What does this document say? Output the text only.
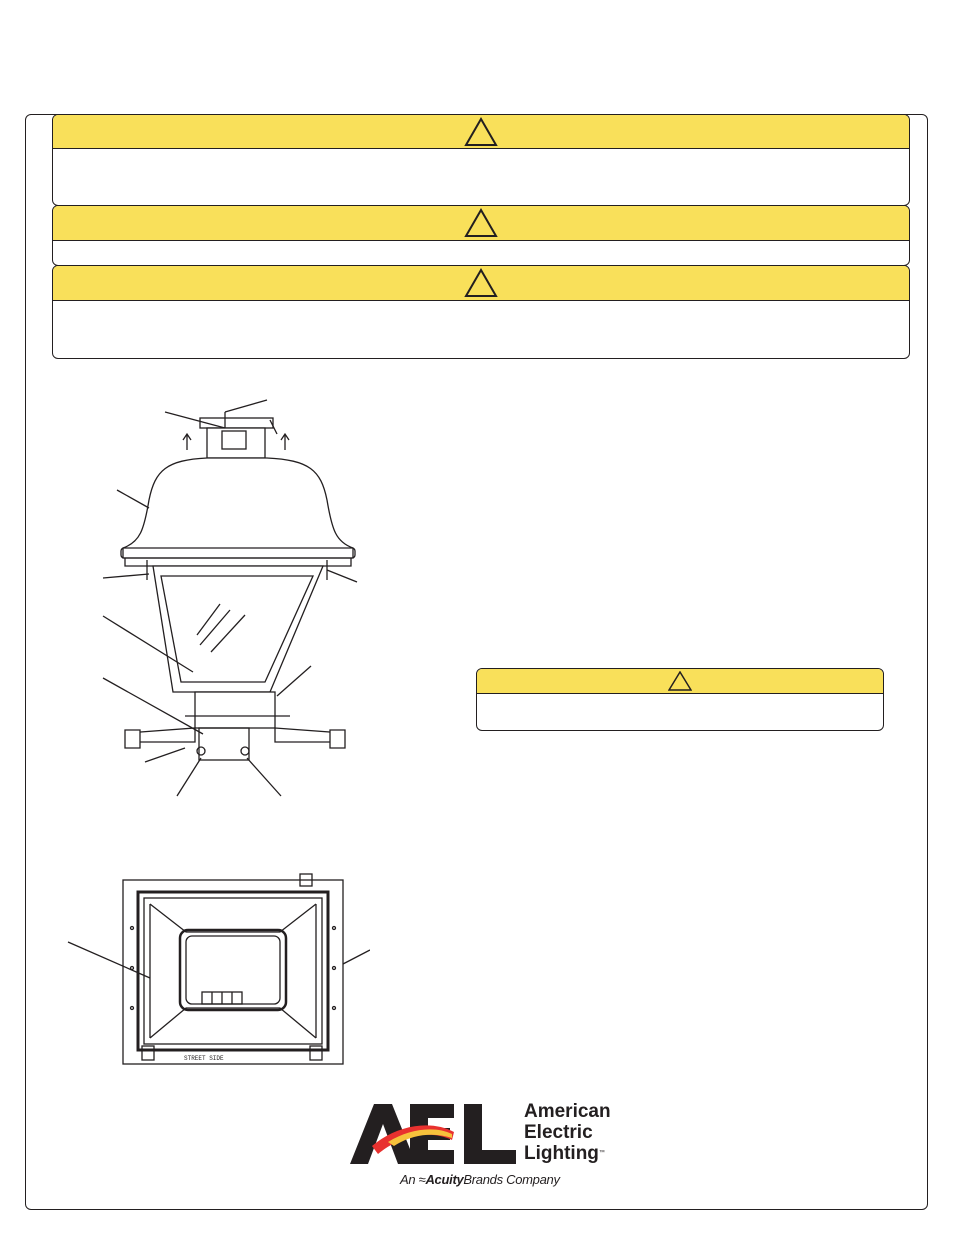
STREET SIDE
American
Electric
Lighting™
An ≈AcuityBrands Company
